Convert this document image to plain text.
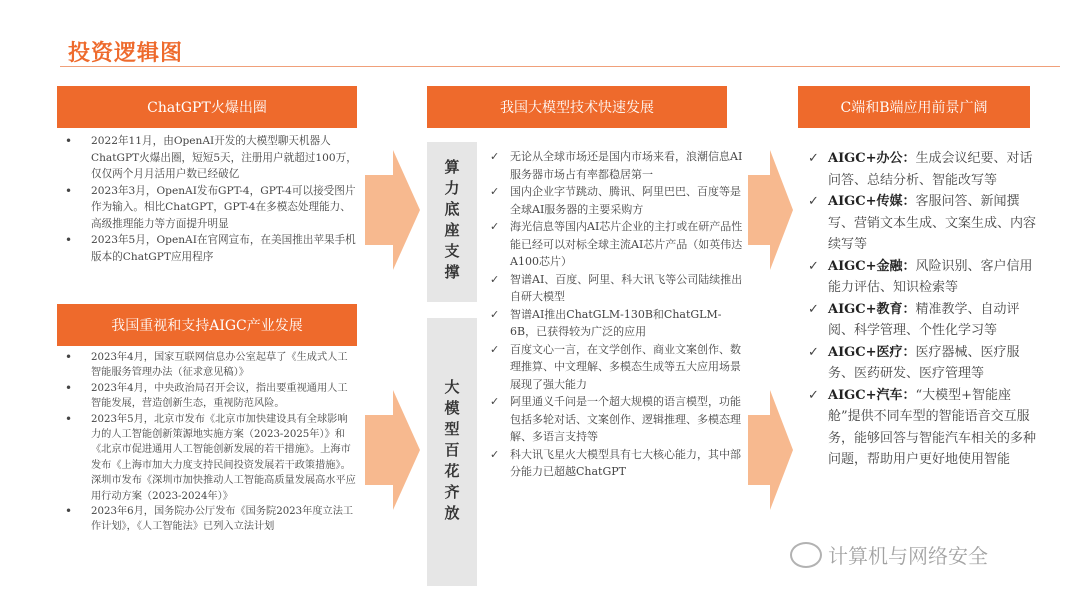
投资逻辑图
ChatGPT火爆出圈
• 2022年11月，由OpenAI开发的大模型聊天机器人ChatGPT火爆出圈，短短5天，注册用户就超过100万，仅仅两个月月活用户数已经破亿
• 2023年3月，OpenAI发布GPT-4，GPT-4可以接受图片作为输入。相比ChatGPT，GPT-4在多模态处理能力、高级推理能力等方面提升明显
• 2023年5月，OpenAI在官网宣布，在美国推出苹果手机版本的ChatGPT应用程序
我国重视和支持AIGC产业发展
• 2023年4月，国家互联网信息办公室起草了《生成式人工智能服务管理办法（征求意见稿）》
• 2023年4月，中央政治局召开会议，指出要重视通用人工智能发展，营造创新生态，重视防范风险。
• 2023年5月，北京市发布《北京市加快建设具有全球影响力的人工智能创新策源地实施方案（2023-2025年）》和《北京市促进通用人工智能创新发展的若干措施》。上海市发布《上海市加大力度支持民间投资发展若干政策措施》。深圳市发布《深圳市加快推动人工智能高质量发展高水平应用行动方案（2023-2024年）》
• 2023年6月，国务院办公厅发布《国务院2023年度立法工作计划》，《人工智能法》已列入立法计划
我国大模型技术快速发展
算力底座支撑
大模型百花齐放
✓ 无论从全球市场还是国内市场来看，浪潮信息AI服务器市场占有率都稳居第一
✓ 国内企业字节跳动、腾讯、阿里巴巴、百度等是全球AI服务器的主要采购方
✓ 海光信息等国内AI芯片企业的主打或在研产品性能已经可以对标全球主流AI芯片产品（如英伟达A100芯片）
✓ 智谱AI、百度、阿里、科大讯飞等公司陆续推出自研大模型
✓ 智谱AI推出ChatGLM-130B和ChatGLM-6B，已获得较为广泛的应用
✓ 百度文心一言，在文学创作、商业文案创作、数理推算、中文理解、多模态生成等五大应用场景展现了强大能力
✓ 阿里通义千问是一个超大规模的语言模型，功能包括多轮对话、文案创作、逻辑推理、多模态理解、多语言支持等
✓ 科大讯飞星火大模型具有七大核心能力，其中部分能力已超越ChatGPT
C端和B端应用前景广阔
✓ AIGC+办公：生成会议纪要、对话问答、总结分析、智能改写等
✓ AIGC+传媒：客服问答、新闻撰写、营销文本生成、文案生成、内容续写等
✓ AIGC+金融：风险识别、客户信用能力评估、知识检索等
✓ AIGC+教育：精准教学、自动评阅、科学管理、个性化学习等
✓ AIGC+医疗：医疗器械、医疗服务、医药研发、医疗管理等
✓ AIGC+汽车：“大模型+智能座舱”提供不同车型的智能语音交互服务，能够回答与智能汽车相关的多种问题，帮助用户更好地使用智能
计算机与网络安全
